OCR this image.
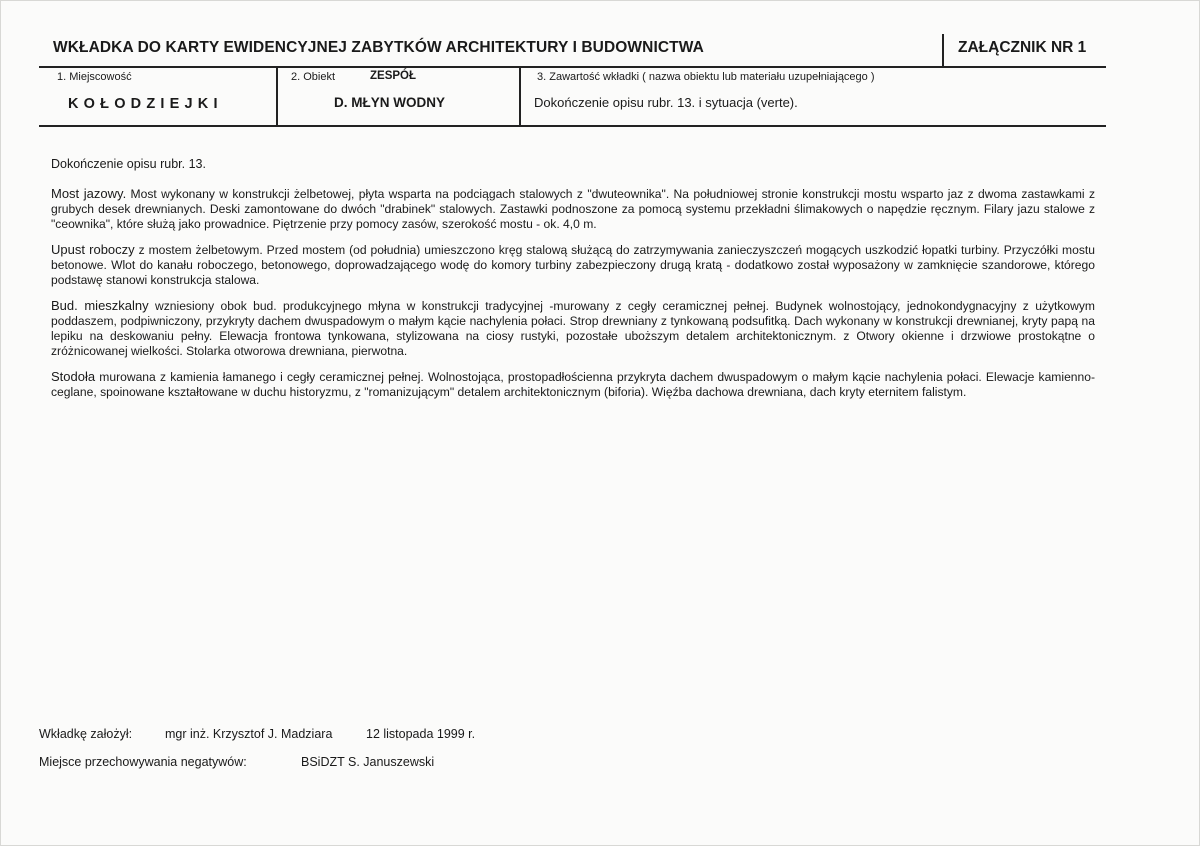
WKŁADKA DO KARTY EWIDENCYJNEJ ZABYTKÓW ARCHITEKTURY I BUDOWNICTWA	ZAŁĄCZNIK NR 1
1. Miejscowość	2. Obiekt	ZESPÓŁ	3. Zawartość wkładki ( nazwa obiektu lub materiału uzupełniającego )
KOŁODZIEJKI	D. MŁYN WODNY	Dokończenie opisu rubr. 13. i sytuacja (verte).
Dokończenie opisu rubr. 13.

Most jazowy. Most wykonany w konstrukcji żelbetowej, płyta wsparta na podciągach stalowych z "dwuteownika". Na południowej stronie konstrukcji mostu wsparto jaz z dwoma zastawkami z grubych desek drewnianych. Deski zamontowane do dwóch "drabinek" stalowych. Zastawki podnoszone za pomocą systemu przekładni ślimakowych o napędzie ręcznym. Filary jazu stalowe z "ceownika", które służą jako prowadnice. Piętrzenie przy pomocy zasów, szerokość mostu - ok. 4,0 m.

Upust roboczy z mostem żelbetowym. Przed mostem (od południa) umieszczono kręg stalową służącą do zatrzymywania zanieczyszczeń mogących uszkodzić łopatki turbiny. Przyczółki mostu betonowe. Wlot do kanału roboczego, betonowego, doprowadzającego wodę do komory turbiny zabezpieczony drugą kratą - dodatkowo został wyposażony w zamknięcie szandorowe, którego podstawę stanowi konstrukcja stalowa.

Bud. mieszkalny wzniesiony obok bud. produkcyjnego młyna w konstrukcji tradycyjnej -murowany z cegły ceramicznej pełnej. Budynek wolnostojący, jednokondygnacyjny z użytkowym poddaszem, podpiwniczony, przykryty dachem dwuspadowym o małym kącie nachylenia połaci. Strop drewniany z tynkowaną podsufitką. Dach wykonany w konstrukcji drewnianej, kryty papą na lepiku na deskowaniu pełny. Elewacja frontowa tynkowana, stylizowana na ciosy rustyki, pozostałe uboższym detalem architektonicznym. z Otwory okienne i drzwiowe prostokątne o zróżnicowanej wielkości. Stolarka otworowa drewniana, pierwotna.

Stodoła murowana z kamienia łamanego i cegły ceramicznej pełnej. Wolnostojąca, prostopadłościenna przykryta dachem dwuspadowym o małym kącie nachylenia połaci. Elewacje kamienno-ceglane, spoinowane kształtowane w duchu historyzmu, z "romanizującym" detalem architektonicznym (biforia). Więźba dachowa drewniana, dach kryty eternitem falistym.

Wkładkę założył:	mgr inż. Krzysztof J. Madziara	12 listopada 1999 r.
Miejsce przechowywania negatywów:	BSiDZT S. Januszewski
